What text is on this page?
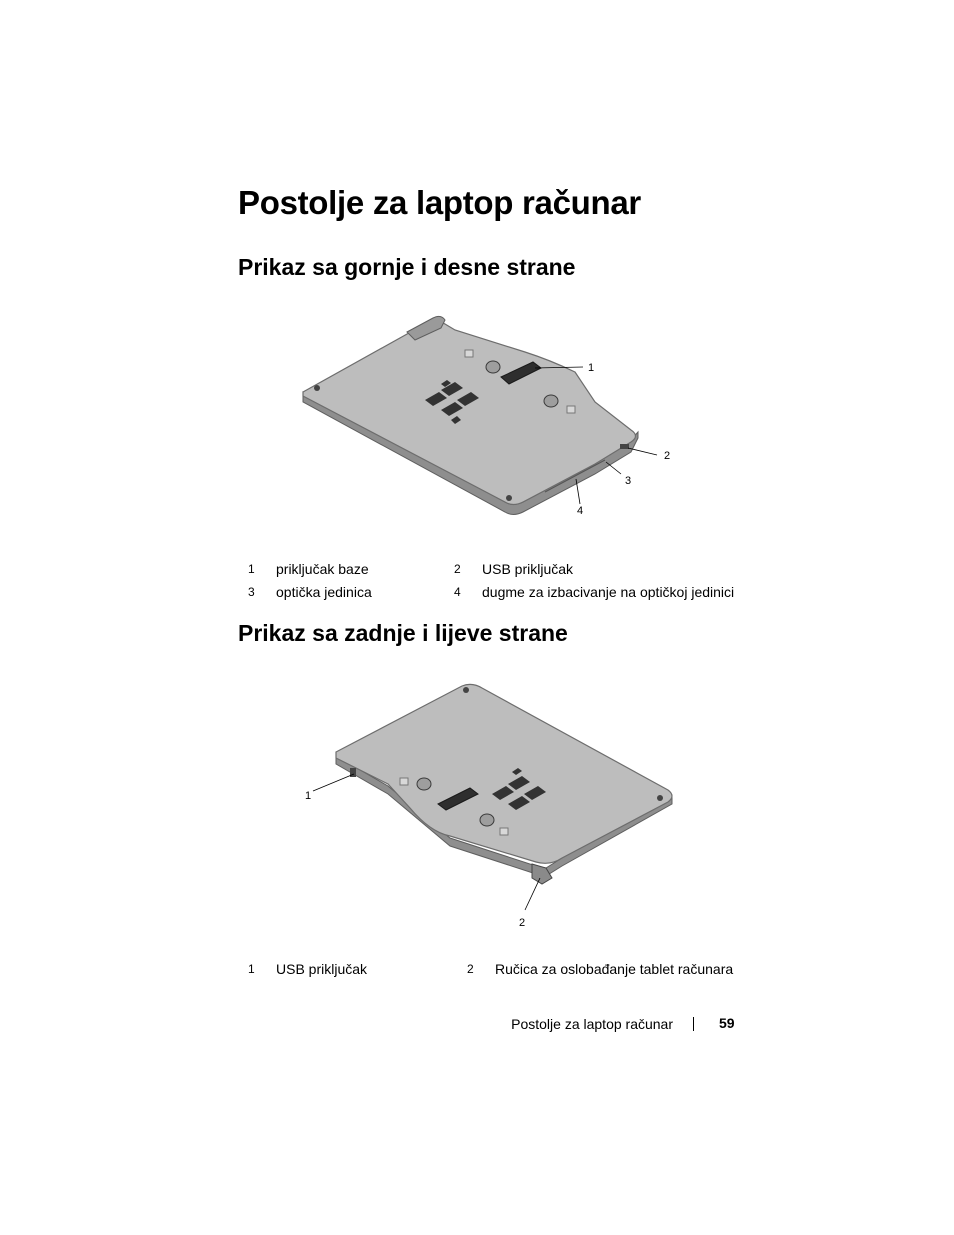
Postolje za laptop računar
Prikaz sa gornje i desne strane
1
2
3
4
1 priključak baze	2 USB priključak
3 optička jedinica	4 dugme za izbacivanje na optičkoj jedinici
Prikaz sa zadnje i lijeve strane
1
2
1 USB priključak	2 Ručica za oslobađanje tablet računara
Postolje za laptop računar	59
